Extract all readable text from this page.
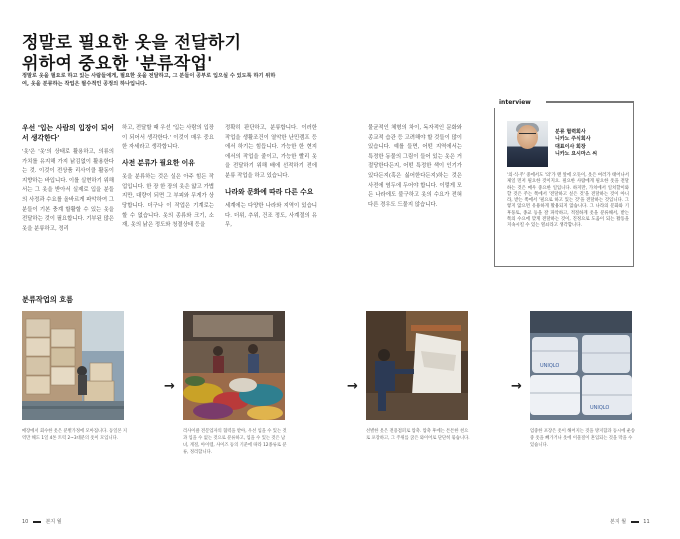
정말로 필요한 옷을 전달하기
위하여 중요한 '분류작업'
정말로 옷을 필요로 하고 있는 사람들에게, 필요한 옷을 전달하고, 그 분들이 공부로 입으실 수 있도록 하기 위하여, 옷을 분류하는 작업은 필수적인 공정의 하나입니다.
우선 '입는 사람의 입장이 되어서 생각한다'

'옷'은 '옷'의 상태로 활용하고, 의류의 가치를 유지해 가지 낡김없이 활용한다는 것. 이것이 전상품 리사이클 활동이 지향하는 바입니다. 이를 실현하기 위해서는 그 옷을 받아서 실제로 입을 분들의 사정과 수요를 올바르게 파악하여 그 분들이 기본 충계 할활할 수 있는 옷을 전달하는 것이 필요합니다. 기부된 많은 옷을 분류하고, 정리

하고, 전달할 때 우선 '입는 사람의 입장이 되어서 생각한다.' 이것이 매우 중요한 자세라고 생각합니다.

사전 분류가 필요한 이유

옷을 분류하는 것은 실은 아주 힘든 작업입니다. 한 장 한 장의 옷은 얇고 가볍지만, 대량이 되면 그 부피와 무게가 상당합니다. 더구나 이 작업은 기계로는 할 수 없습니다. 옷의 종류와 크기, 소재, 옷의 낡은 정도와 청결상태 등을

정확히 판단하고, 분류합니다. 이러한 작업을 생활조건이 열악한 난민캠프 등에서 하기는 힘듭니다. 가능한 한 현지에서의 작업을 줄이고, 가능한 빨리 옷을 전달하기 위해 배에 선적하기 전에 분류 작업을 하고 있습니다.

나라와 문화에 따라 다른 수요

세계에는 다양한 나라와 지역이 있습니다. 더위, 추위, 건조 정도, 사계절의 유무,

물균적인 체형의 차이, 독자적인 문화와 종교적 습관 등 고려해야 할 것들이 많이 있습니다. 예를 들면, 어떤 지역에서는 특정한 동물의 그림이 들어 있는 옷은 거절당한다든지, 어떤 특정한 색이 인기가 있다든지(혹은 싫어한다든지)하는 것은 사전에 염두에 두어야 합니다. 이렇게 모든 나라에도 불구하고 옷의 수요가 전혀 다른 경우도 드물지 않습니다.

interview
분류 협력회사
니카노 주식회사
대표이사 회장
니카노 요시마스 씨
'의·식·주' 중에서도 '의'가 맨 앞에 오듯이, 옷은 여러가 태어나서 제일 먼저 필요한 것이지요. 필요한 사람에게 필요한 옷을 전달하는 것은 매우 중요한 일입니다. 하지만, 가치에서 일치할이와 할 것은 주는 쪽에서 '전달하고 싶은 것'을 전달하는 것이 아니라, 받는 쪽에서 '필요로 하고 있는 것'을 전달하는 것입니다. 그렇지 않으면 유용하게 활용되지 않습니다. 그 나라의 문화와 기후풍토, 종교 등을 잘 파악하고, 적절하게 옷을 분류해서, 받는 쪽의 수요에 맞게 전달하는 것이, 진정으로 도움이 되는 활동을 지속시킬 수 있는 열쇠라고 생각합니다.
분류작업의 흐름
→	→	→
UNIQLO
UNIQLO
매장에서 회수한 옷은 분별가정에 모아집니다. 동일본 지역만 해도 1일 4톤 트럭 2~3대분의 옷이 모입니다.
리사이클 전문업자의 협력을 받아, 우선 입을 수 있는 것과 입을 수 없는 것으로 분류하고, 입을 수 있는 것은 남녀, 계절, 아이템, 사이즈 등의 기준에 따라 12종류로 분류, 정리합니다.
선별한 옷은 전용점퍼로 압축. 압축 후에는 튼튼한 천으로 포장하고, 그 주위를 굵은 와이어로 단단히 묶습니다.
엄중한 포장은 옷이 해어지는 것을 방지함과 동시에 운송중 옷을 빼가거나 옷에 이물질이 혼입되는 것을 막을 수 있습니다.
10	본지 월	본지 월	11
